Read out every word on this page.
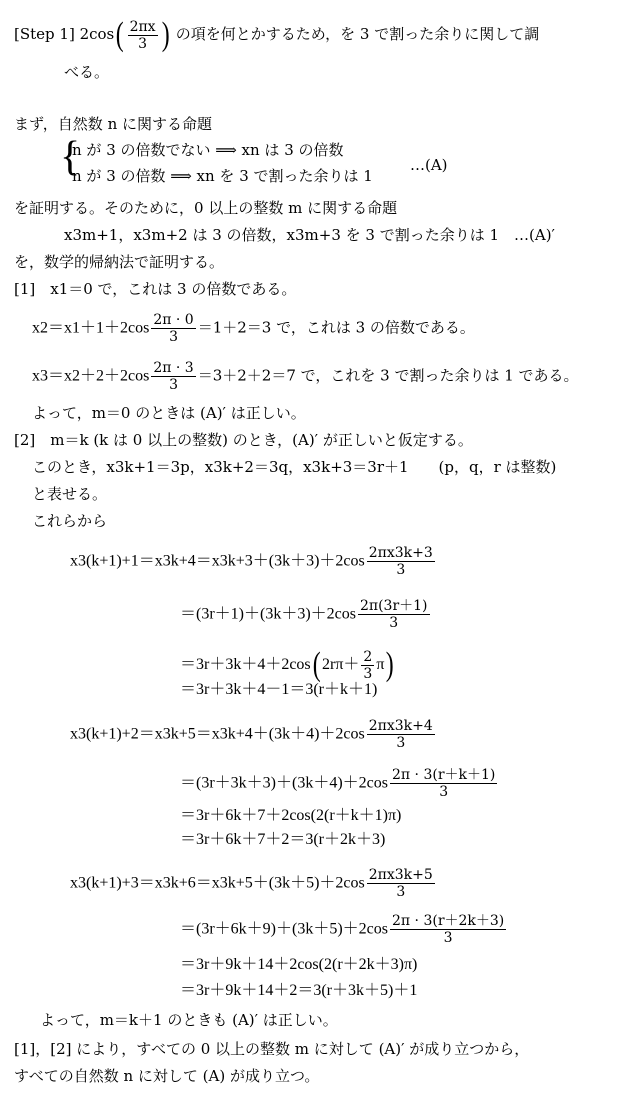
[Step 1] $2\cos( \frac{2\pi x}{3}$ ) の項を何とかするため，を 3 で割った余りに関して調
べる。
まず，自然数 n に関する命題
{
n が 3 の倍数でない ⟹ xn は 3 の倍数
n が 3 の倍数 ⟹ xn を 3 で割った余りは 1
…(A)
を証明する。そのために，0 以上の整数 m に関する命題
x3m+1，x3m+2 は 3 の倍数，x3m+3 を 3 で割った余りは 1　…(A)′
を，数学的帰納法で証明する。
[1]　x1＝0 で，これは 3 の倍数である。
$x2=x1+1+2\cos \frac{2\pi \cdot 0}{3} =1+2=3$ で，これは 3 の倍数である。
$x3=x2+2+2\cos \frac{2\pi \cdot 3}{3} =3+2+2=7$ で，これを 3 で割った余りは 1 である。
よって，m＝0 のときは (A)′ は正しい。
[2]　m＝k (k は 0 以上の整数) のとき，(A)′ が正しいと仮定する。
このとき，x3k+1＝3p，x3k+2＝3q，x3k+3＝3r＋1　　(p，q，r は整数)
と表せる。
これらから
$x3(k+1)+1=x3k+4=x3k+3+(3k+3)+2\cos \frac{2\pi x3k+3}{3}$
$=(3r+1)+(3k+3)+2\cos \frac{2\pi(3r+1)}{3}$
＝3r＋3k＋4＋2cos( $2r\pi+ \frac{2}{3} \pi$)
＝3r＋3k＋4－1＝3(r＋k＋1)
$x3(k+1)+2=x3k+5=x3k+4+(3k+4)+2\cos \frac{2\pi x3k+4}{3}$
$=(3r+3k+3)+(3k+4)+2\cos \frac{2\pi \cdot 3(r+k+1)}{3}$
＝3r＋6k＋7＋2cos(2(r＋k＋1)π)
＝3r＋6k＋7＋2＝3(r＋2k＋3)
$x3(k+1)+3=x3k+6=x3k+5+(3k+5)+2\cos \frac{2\pi x3k+5}{3}$
$=(3r+6k+9)+(3k+5)+2\cos \frac{2\pi \cdot 3(r+2k+3)}{3}$
＝3r＋9k＋14＋2cos(2(r＋2k＋3)π)
＝3r＋9k＋14＋2＝3(r＋3k＋5)＋1
よって，m＝k＋1 のときも (A)′ は正しい。
[1]，[2] により，すべての 0 以上の整数 m に対して (A)′ が成り立つから，
すべての自然数 n に対して (A) が成り立つ。
